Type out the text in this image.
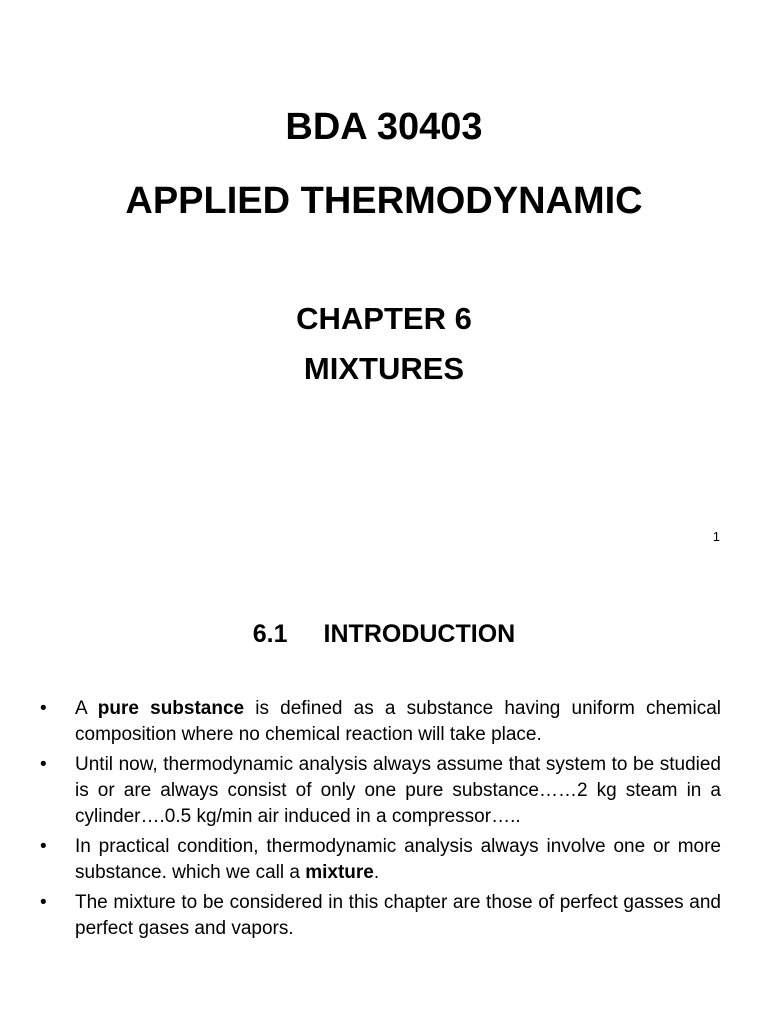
BDA 30403
APPLIED THERMODYNAMIC
CHAPTER 6
MIXTURES
1
6.1 INTRODUCTION
•	A pure substance is defined as a substance having uniform chemical composition where no chemical reaction will take place.
•	Until now, thermodynamic analysis always assume that system to be studied is or are always consist of only one pure substance……2 kg steam in a cylinder….0.5 kg/min air induced in a compressor…..
•	In practical condition, thermodynamic analysis always involve one or more substance. which we call a mixture.
•	The mixture to be considered in this chapter are those of perfect gasses and perfect gases and vapors.
